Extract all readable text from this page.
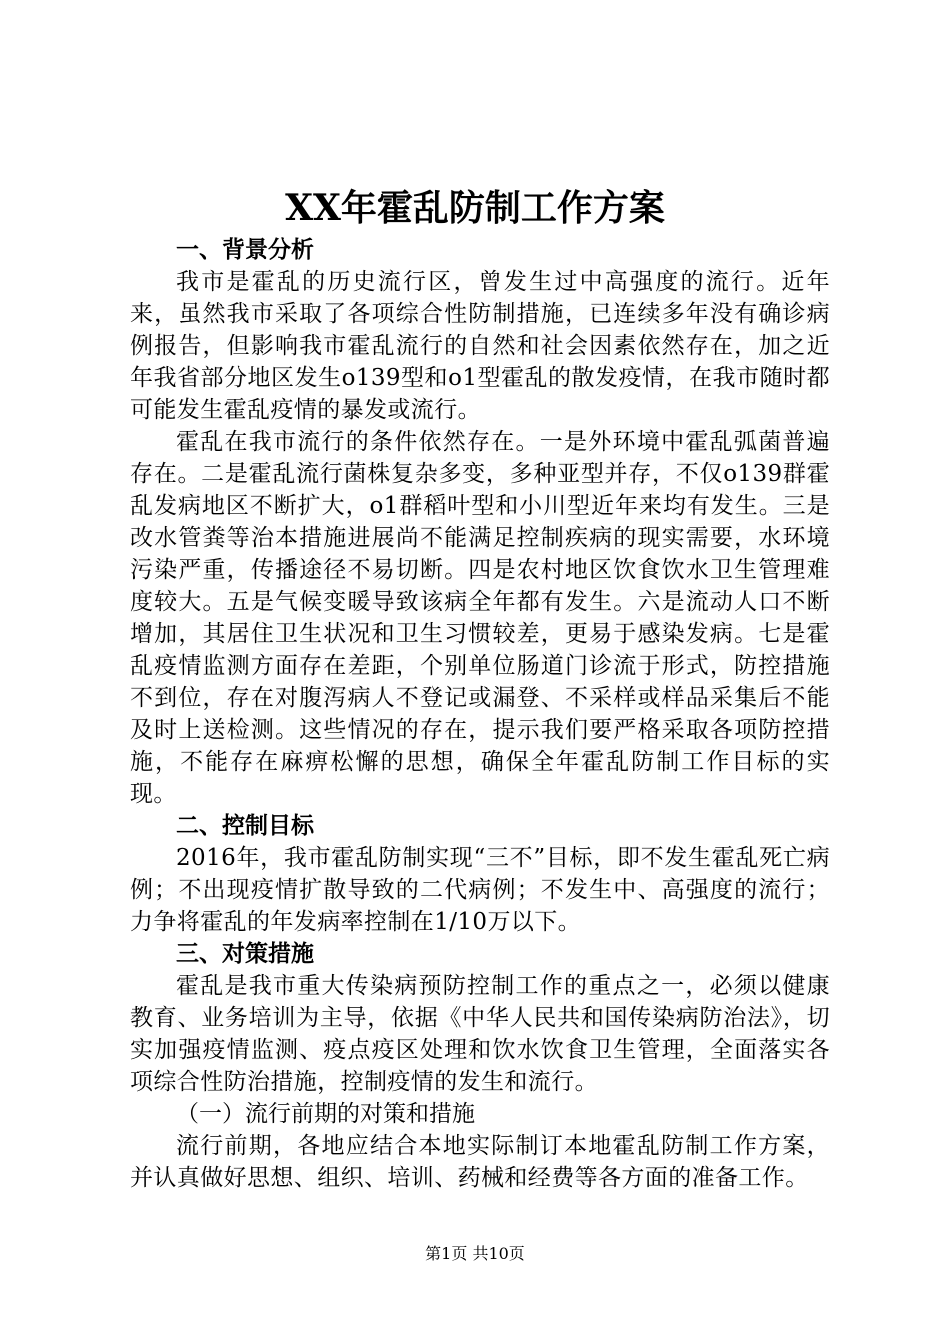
XX年霍乱防制工作方案

一、背景分析

我市是霍乱的历史流行区，曾发生过中高强度的流行。近年来，虽然我市采取了各项综合性防制措施，已连续多年没有确诊病例报告，但影响我市霍乱流行的自然和社会因素依然存在，加之近年我省部分地区发生o139型和o1型霍乱的散发疫情，在我市随时都可能发生霍乱疫情的暴发或流行。

霍乱在我市流行的条件依然存在。一是外环境中霍乱弧菌普遍存在。二是霍乱流行菌株复杂多变，多种亚型并存，不仅o139群霍乱发病地区不断扩大，o1群稻叶型和小川型近年来均有发生。三是改水管粪等治本措施进展尚不能满足控制疾病的现实需要，水环境污染严重，传播途径不易切断。四是农村地区饮食饮水卫生管理难度较大。五是气候变暖导致该病全年都有发生。六是流动人口不断增加，其居住卫生状况和卫生习惯较差，更易于感染发病。七是霍乱疫情监测方面存在差距，个别单位肠道门诊流于形式，防控措施不到位，存在对腹泻病人不登记或漏登、不采样或样品采集后不能及时上送检测。这些情况的存在，提示我们要严格采取各项防控措施，不能存在麻痹松懈的思想，确保全年霍乱防制工作目标的实现。

二、控制目标

2016年，我市霍乱防制实现“三不”目标，即不发生霍乱死亡病例；不出现疫情扩散导致的二代病例；不发生中、高强度的流行；力争将霍乱的年发病率控制在1/10万以下。

三、对策措施

霍乱是我市重大传染病预防控制工作的重点之一，必须以健康教育、业务培训为主导，依据《中华人民共和国传染病防治法》，切实加强疫情监测、疫点疫区处理和饮水饮食卫生管理，全面落实各项综合性防治措施，控制疫情的发生和流行。

（一）流行前期的对策和措施

流行前期，各地应结合本地实际制订本地霍乱防制工作方案，并认真做好思想、组织、培训、药械和经费等各方面的准备工作。

第1页 共10页
